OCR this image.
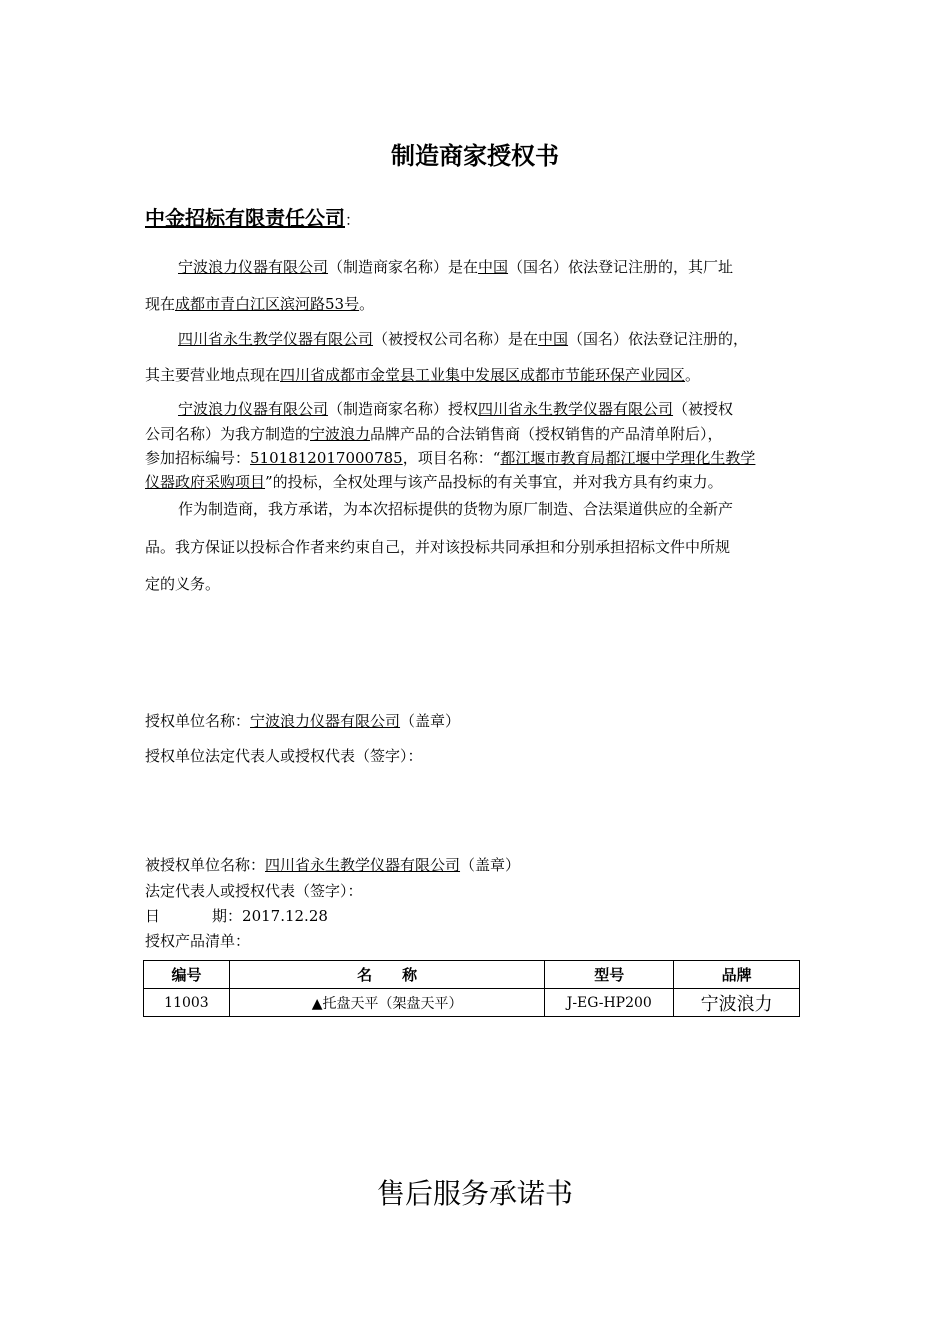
制造商家授权书
中金招标有限责任公司：
宁波浪力仪器有限公司（制造商家名称）是在中国（国名）依法登记注册的，其厂址
现在成都市青白江区滨河路53号。
四川省永生教学仪器有限公司（被授权公司名称）是在中国（国名）依法登记注册的，
其主要营业地点现在四川省成都市金堂县工业集中发展区成都市节能环保产业园区。
宁波浪力仪器有限公司（制造商家名称）授权四川省永生教学仪器有限公司（被授权
公司名称）为我方制造的宁波浪力品牌产品的合法销售商（授权销售的产品清单附后），
参加招标编号：5101812017000785，项目名称：“都江堰市教育局都江堰中学理化生教学
仪器政府采购项目”的投标，全权处理与该产品投标的有关事宜，并对我方具有约束力。
作为制造商，我方承诺，为本次招标提供的货物为原厂制造、合法渠道供应的全新产
品。我方保证以投标合作者来约束自己，并对该投标共同承担和分别承担招标文件中所规
定的义务。
授权单位名称：宁波浪力仪器有限公司（盖章）
授权单位法定代表人或授权代表（签字）：
被授权单位名称：四川省永生教学仪器有限公司（盖章）
法定代表人或授权代表（签字）：
日	期：2017.12.28
授权产品清单：
编号	名　　称	型号	品牌
11003	▲托盘天平（架盘天平）	J-EG-HP200	宁波浪力
售后服务承诺书
